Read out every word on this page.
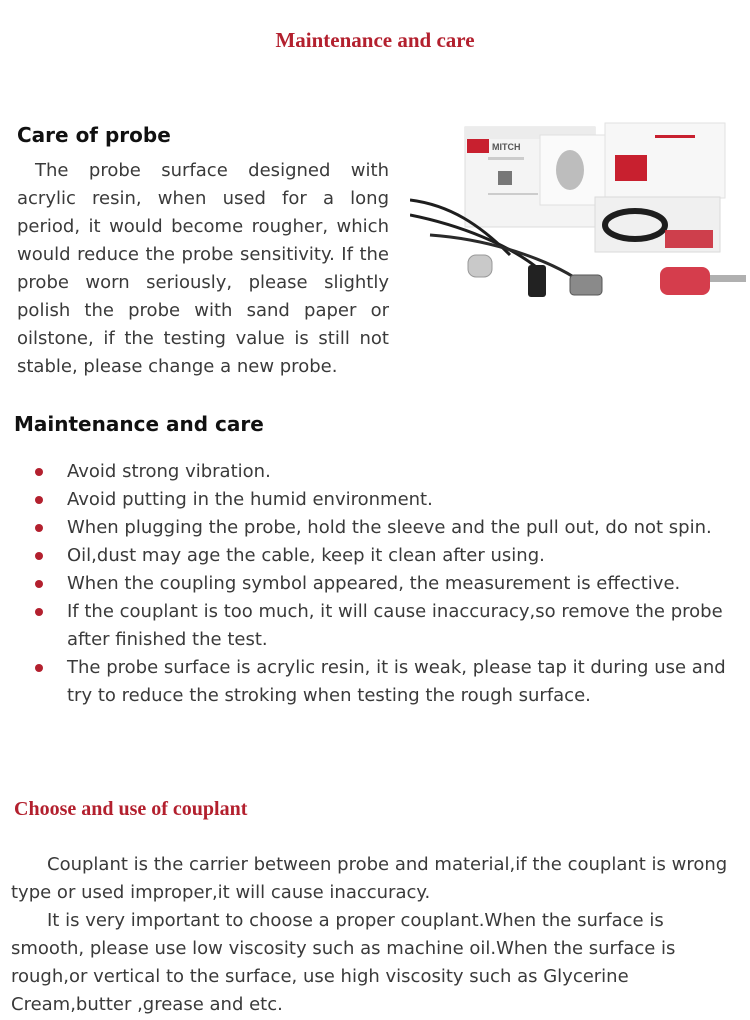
Maintenance and care
Care of probe

The probe surface designed with acrylic resin, when used for a long period, it would become rougher, which would reduce the probe sensitivity. If the probe worn seriously, please slightly polish the probe with sand paper or oilstone, if the testing value is still not stable, please change a new probe.

MITCH
Maintenance and care
Avoid strong vibration.
Avoid putting in the humid environment.
When plugging the probe, hold the sleeve and the pull out, do not spin.
Oil,dust may age the cable, keep it clean after using.
When the coupling symbol appeared, the measurement is effective.
If the couplant is too much, it will cause inaccuracy,so remove the probe after finished the test.
The probe surface is acrylic resin, it is weak, please tap it during use and try to reduce the stroking when testing the rough surface.
Choose and use of couplant

Couplant is the carrier between probe and material,if the couplant is wrong type or used improper,it will cause inaccuracy.

It is very important to choose a proper couplant.When the surface is smooth, please use low viscosity such as machine oil.When the surface is rough,or vertical to the surface, use high viscosity such as Glycerine Cream,butter ,grease and etc.
